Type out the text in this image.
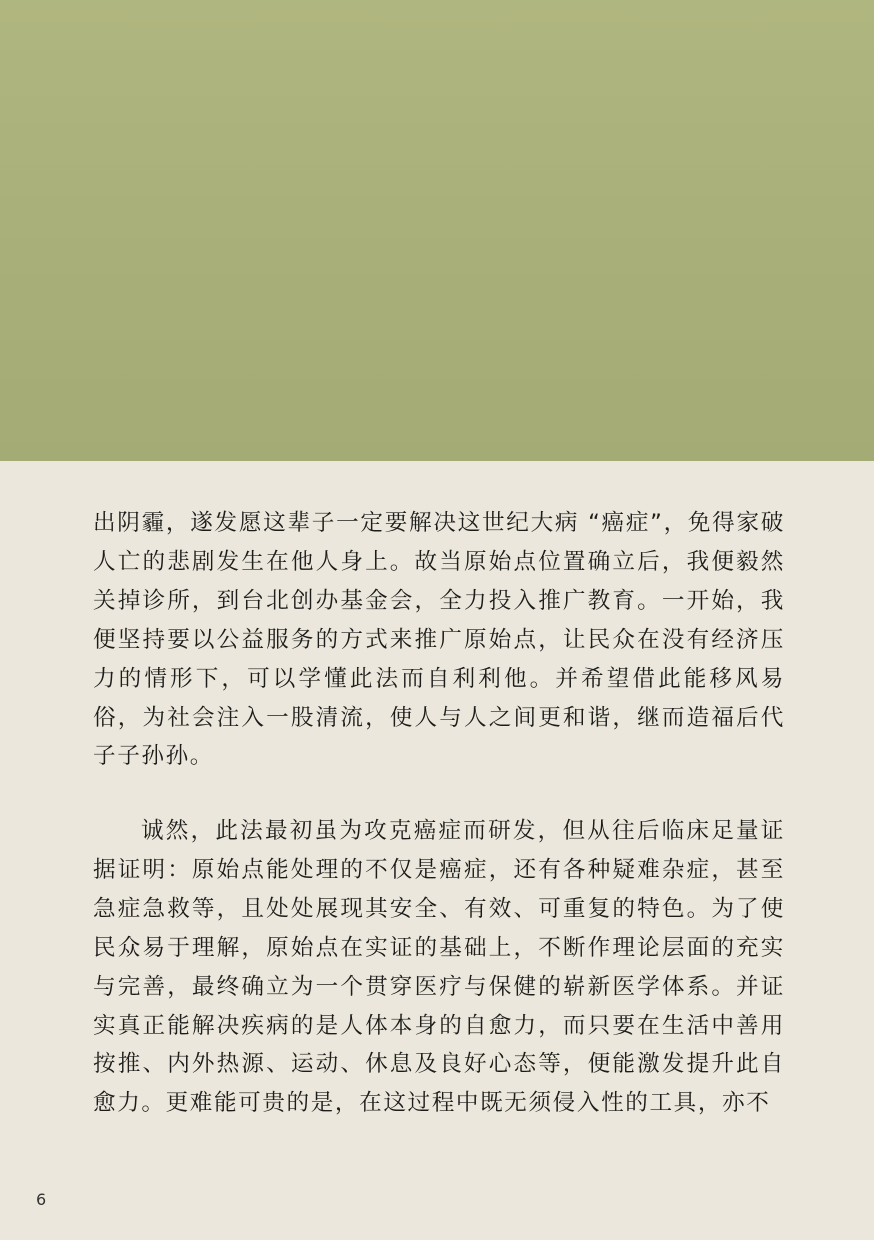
出阴霾，遂发愿这辈子一定要解决这世纪大病 “癌症”，免得家破人亡的悲剧发生在他人身上。故当原始点位置确立后，我便毅然关掉诊所，到台北创办基金会，全力投入推广教育。一开始，我便坚持要以公益服务的方式来推广原始点，让民众在没有经济压力的情形下，可以学懂此法而自利利他。并希望借此能移风易俗，为社会注入一股清流，使人与人之间更和谐，继而造福后代子子孙孙。

诚然，此法最初虽为攻克癌症而研发，但从往后临床足量证据证明：原始点能处理的不仅是癌症，还有各种疑难杂症，甚至急症急救等，且处处展现其安全、有效、可重复的特色。为了使民众易于理解，原始点在实证的基础上，不断作理论层面的充实与完善，最终确立为一个贯穿医疗与保健的崭新医学体系。并证实真正能解决疾病的是人体本身的自愈力，而只要在生活中善用按推、内外热源、运动、休息及良好心态等，便能激发提升此自愈力。更难能可贵的是，在这过程中既无须侵入性的工具，亦不

6
